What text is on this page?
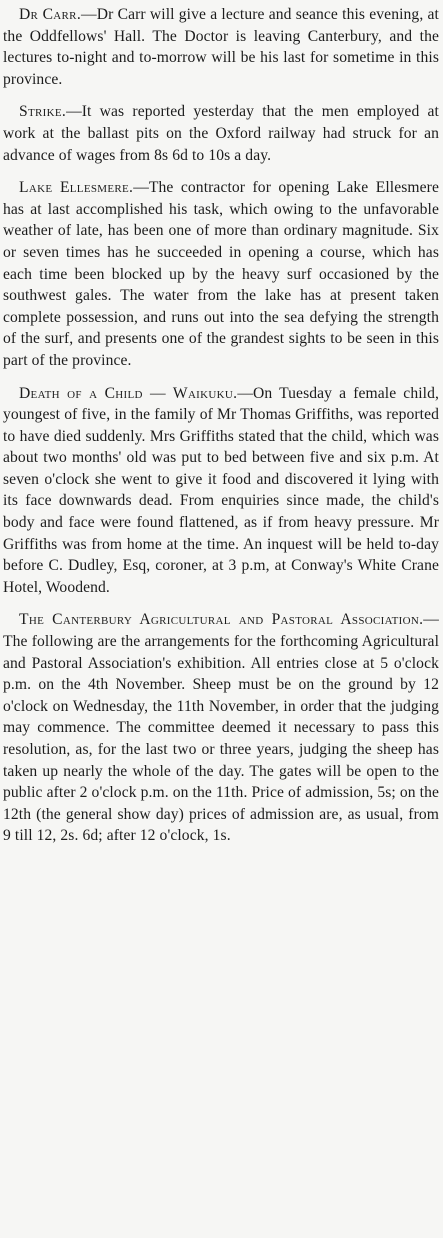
Dr Carr.—Dr Carr will give a lecture and seance this evening, at the Oddfellows' Hall. The Doctor is leaving Canterbury, and the lectures to-night and to-morrow will be his last for sometime in this province.

Strike.—It was reported yesterday that the men employed at work at the ballast pits on the Oxford railway had struck for an advance of wages from 8s 6d to 10s a day.

Lake Ellesmere.—The contractor for opening Lake Ellesmere has at last accomplished his task, which owing to the unfavorable weather of late, has been one of more than ordinary magnitude. Six or seven times has he succeeded in opening a course, which has each time been blocked up by the heavy surf occasioned by the southwest gales. The water from the lake has at present taken complete possession, and runs out into the sea defying the strength of the surf, and presents one of the grandest sights to be seen in this part of the province.

Death of a Child — Waikuku.—On Tuesday a female child, youngest of five, in the family of Mr Thomas Griffiths, was reported to have died suddenly. Mrs Griffiths stated that the child, which was about two months' old was put to bed between five and six p.m. At seven o'clock she went to give it food and discovered it lying with its face downwards dead. From enquiries since made, the child's body and face were found flattened, as if from heavy pressure. Mr Griffiths was from home at the time. An inquest will be held to-day before C. Dudley, Esq, coroner, at 3 p.m, at Conway's White Crane Hotel, Woodend.

The Canterbury Agricultural and Pastoral Association.—The following are the arrangements for the forthcoming Agricultural and Pastoral Association's exhibition. All entries close at 5 o'clock p.m. on the 4th November. Sheep must be on the ground by 12 o'clock on Wednesday, the 11th November, in order that the judging may commence. The committee deemed it necessary to pass this resolution, as, for the last two or three years, judging the sheep has taken up nearly the whole of the day. The gates will be open to the public after 2 o'clock p.m. on the 11th. Price of admission, 5s; on the 12th (the general show day) prices of admission are, as usual, from 9 till 12, 2s. 6d; after 12 o'clock, 1s.
